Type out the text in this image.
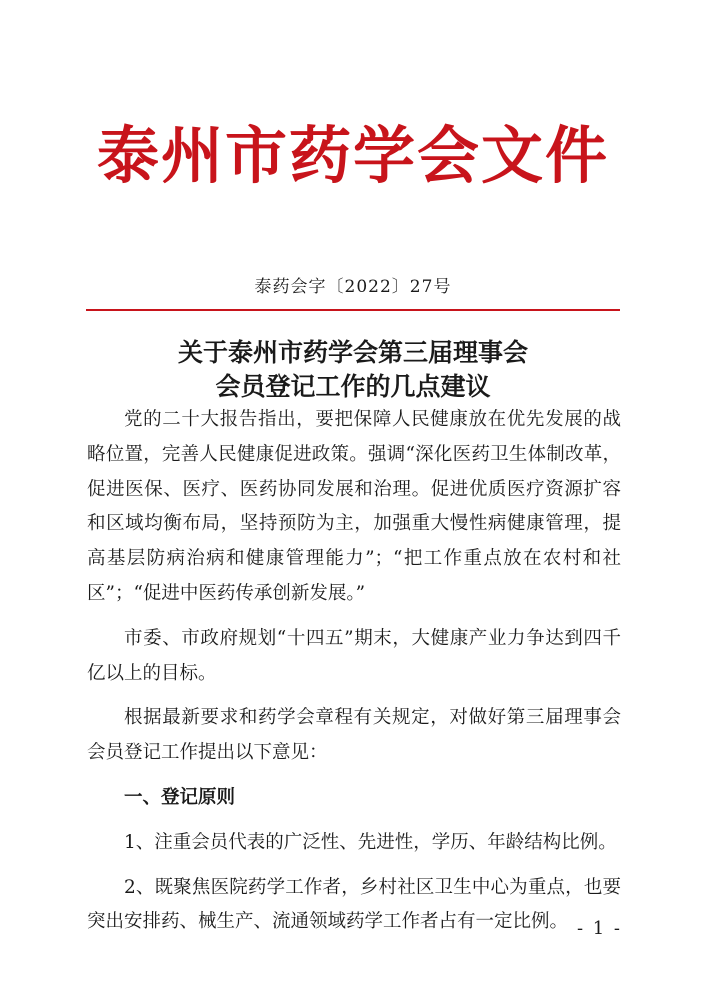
泰州市药学会文件
泰药会字〔2022〕27号
关于泰州市药学会第三届理事会
会员登记工作的几点建议

党的二十大报告指出，要把保障人民健康放在优先发展的战略位置，完善人民健康促进政策。强调“深化医药卫生体制改革，促进医保、医疗、医药协同发展和治理。促进优质医疗资源扩容和区域均衡布局，坚持预防为主，加强重大慢性病健康管理，提高基层防病治病和健康管理能力”；“把工作重点放在农村和社区”；“促进中医药传承创新发展。”

市委、市政府规划“十四五”期末，大健康产业力争达到四千亿以上的目标。

根据最新要求和药学会章程有关规定，对做好第三届理事会会员登记工作提出以下意见：

一、登记原则

1、注重会员代表的广泛性、先进性，学历、年龄结构比例。

2、既聚焦医院药学工作者，乡村社区卫生中心为重点，也要突出安排药、械生产、流通领域药学工作者占有一定比例。 - 1 -
